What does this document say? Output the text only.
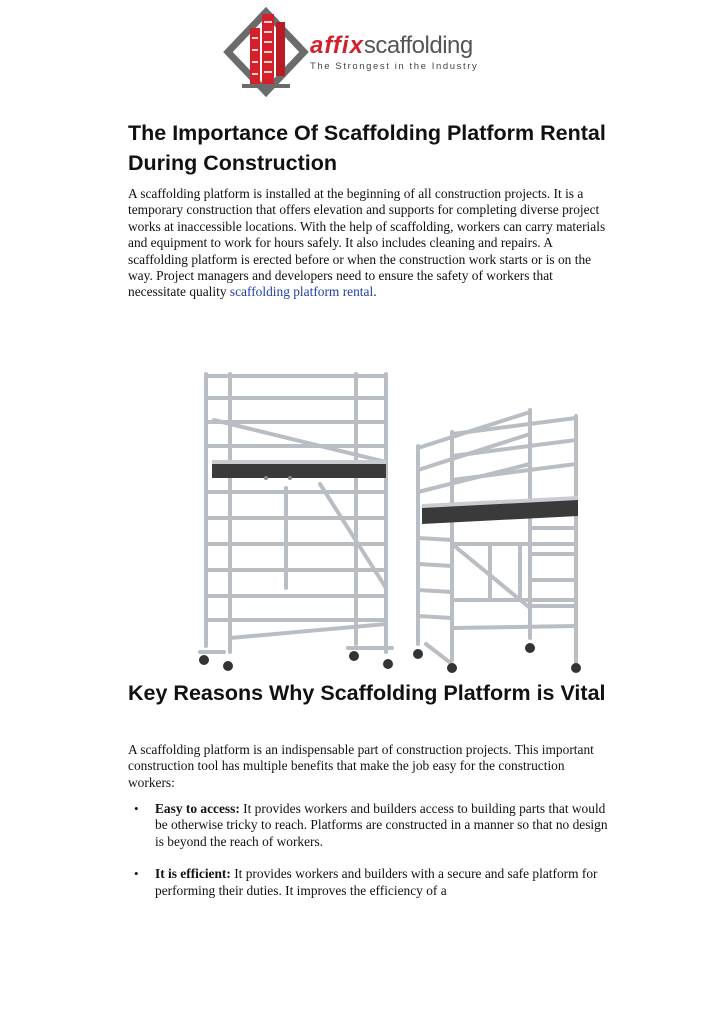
affixscaffolding
The Strongest in the Industry
The Importance Of Scaffolding Platform Rental During Construction

A scaffolding platform is installed at the beginning of all construction projects. It is a temporary construction that offers elevation and supports for completing diverse project works at inaccessible locations. With the help of scaffolding, workers can carry materials and equipment to work for hours safely. It also includes cleaning and repairs. A scaffolding platform is erected before or when the construction work starts or is on the way. Project managers and developers need to ensure the safety of workers that necessitate quality scaffolding platform rental.

Key Reasons Why Scaffolding Platform is Vital

A scaffolding platform is an indispensable part of construction projects. This important construction tool has multiple benefits that make the job easy for the construction workers:

• Easy to access: It provides workers and builders access to building parts that would be otherwise tricky to reach. Platforms are constructed in a manner so that no design is beyond the reach of workers.
• It is efficient: It provides workers and builders with a secure and safe platform for performing their duties. It improves the efficiency of a
